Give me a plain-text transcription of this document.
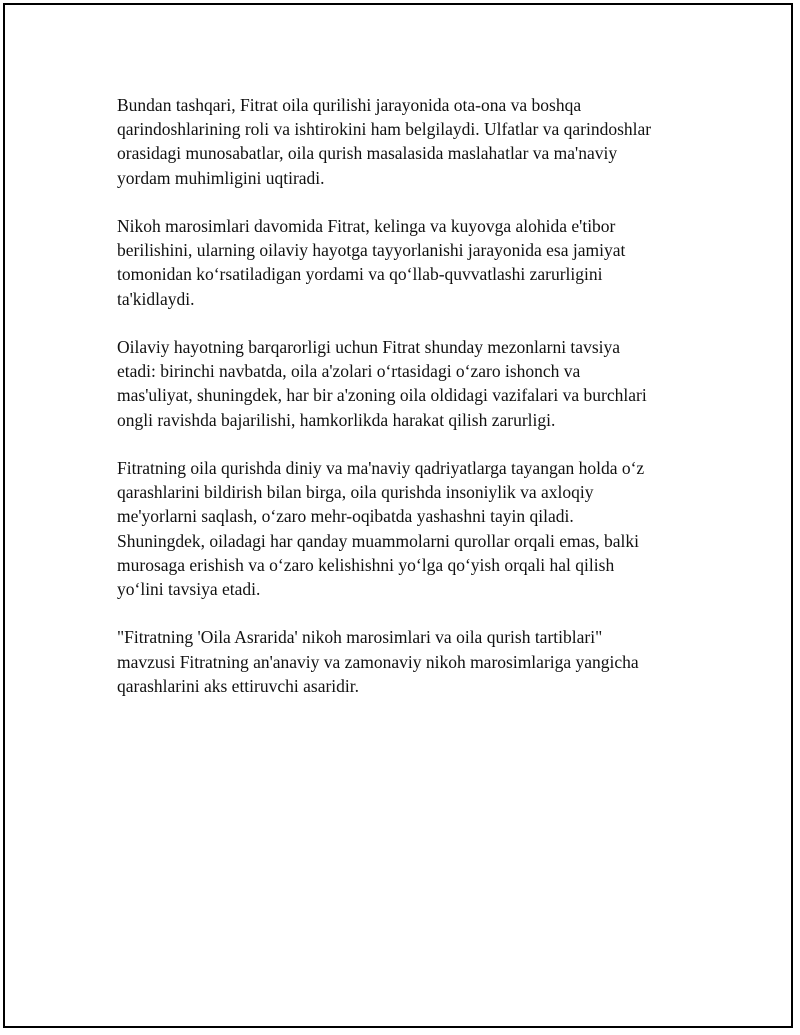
Bundan tashqari, Fitrat oila qurilishi jarayonida ota-ona va boshqa
qarindoshlarining roli va ishtirokini ham belgilaydi. Ulfatlar va qarindoshlar
orasidagi munosabatlar, oila qurish masalasida maslahatlar va ma'naviy
yordam muhimligini uqtiradi.

Nikoh marosimlari davomida Fitrat, kelinga va kuyovga alohida e'tibor
berilishini, ularning oilaviy hayotga tayyorlanishi jarayonida esa jamiyat
tomonidan koʻrsatiladigan yordami va qoʻllab-quvvatlashi zarurligini
ta'kidlaydi.

Oilaviy hayotning barqarorligi uchun Fitrat shunday mezonlarni tavsiya
etadi: birinchi navbatda, oila a'zolari oʻrtasidagi oʻzaro ishonch va
mas'uliyat, shuningdek, har bir a'zoning oila oldidagi vazifalari va burchlari
ongli ravishda bajarilishi, hamkorlikda harakat qilish zarurligi.

Fitratning oila qurishda diniy va ma'naviy qadriyatlarga tayangan holda oʻz
qarashlarini bildirish bilan birga, oila qurishda insoniylik va axloqiy
me'yorlarni saqlash, oʻzaro mehr-oqibatda yashashni tayin qiladi.
Shuningdek, oiladagi har qanday muammolarni qurollar orqali emas, balki
murosaga erishish va oʻzaro kelishishni yoʻlga qoʻyish orqali hal qilish
yoʻlini tavsiya etadi.

"Fitratning 'Oila Asrarida' nikoh marosimlari va oila qurish tartiblari"
mavzusi Fitratning an'anaviy va zamonaviy nikoh marosimlariga yangicha
qarashlarini aks ettiruvchi asaridir.
